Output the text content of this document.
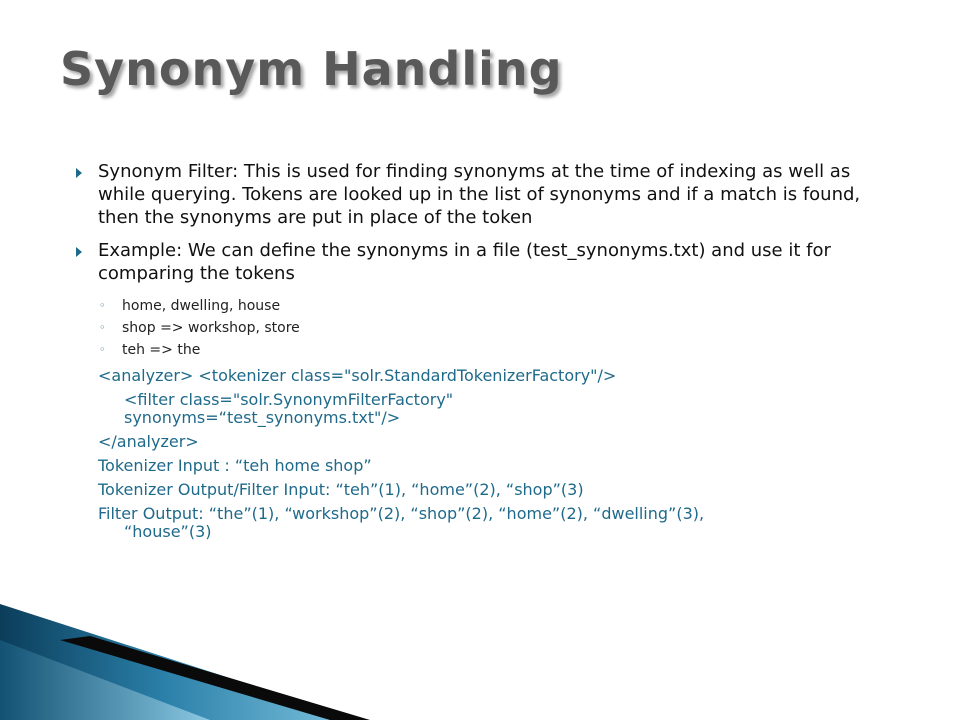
Synonym Handling
Synonym Filter: This is used for finding synonyms at the time of indexing as well as while querying. Tokens are looked up in the list of synonyms and if a match is found, then the synonyms are put in place of the token
Example: We can define the synonyms in a file (test_synonyms.txt) and use it for comparing the tokens
◦ home, dwelling, house
◦ shop => workshop, store
◦ teh => the
<analyzer> <tokenizer class="solr.StandardTokenizerFactory"/>
<filter class="solr.SynonymFilterFactory"
synonyms=“test_synonyms.txt"/>
</analyzer>
Tokenizer Input : “teh home shop”
Tokenizer Output/Filter Input: “teh”(1), “home”(2), “shop”(3)
Filter Output: “the”(1), “workshop”(2), “shop”(2), “home”(2), “dwelling”(3),
“house”(3)
